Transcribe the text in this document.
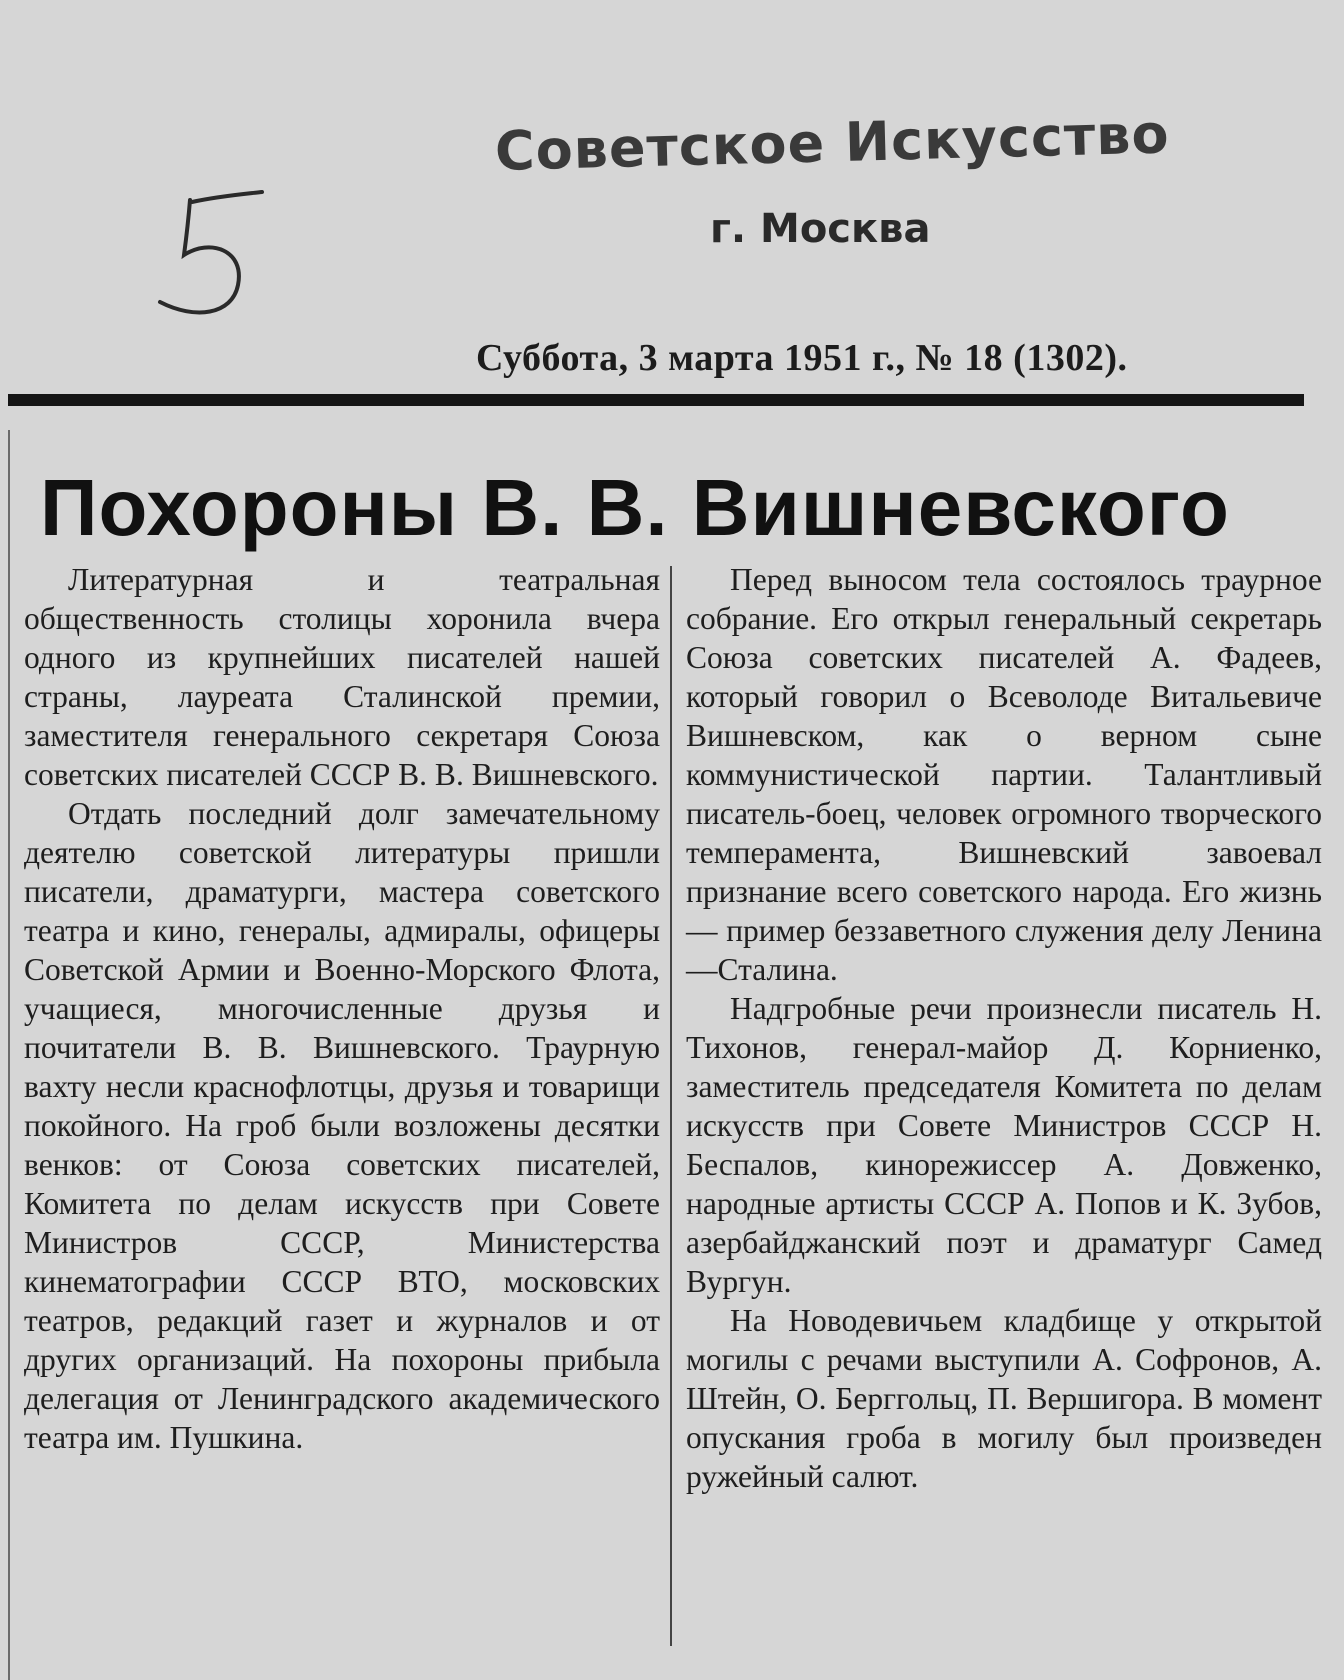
Советское Искусство
г. Москва
Суббота, 3 марта 1951 г., № 18 (1302).
Похороны В. В. Вишневского

Литературная и театральная общественность столицы хоронила вчера одного из крупнейших писателей нашей страны, лауреата Сталинской премии, заместителя генерального секретаря Союза советских писателей СССР В. В. Вишневского.

Отдать последний долг замечательному деятелю советской литературы пришли писатели, драматурги, мастера советского театра и кино, генералы, адмиралы, офицеры Советской Армии и Военно-Морского Флота, учащиеся, многочисленные друзья и почитатели В. В. Вишневского. Траурную вахту несли краснофлотцы, друзья и товарищи покойного. На гроб были возложены десятки венков: от Союза советских писателей, Комитета по делам искусств при Совете Министров СССР, Министерства кинематографии СССР ВТО, московских театров, редакций газет и журналов и от других организаций. На похороны прибыла делегация от Ленинградского академического театра им. Пушкина.

Перед выносом тела состоялось траурное собрание. Его открыл генеральный секретарь Союза советских писателей А. Фадеев, который говорил о Всеволоде Витальевиче Вишневском, как о верном сыне коммунистической партии. Талантливый писатель-боец, человек огромного творческого темперамента, Вишневский завоевал признание всего советского народа. Его жизнь — пример беззаветного служения делу Ленина—Сталина.

Надгробные речи произнесли писатель Н. Тихонов, генерал-майор Д. Корниенко, заместитель председателя Комитета по делам искусств при Совете Министров СССР Н. Беспалов, кинорежиссер А. Довженко, народные артисты СССР А. Попов и К. Зубов, азербайджанский поэт и драматург Самед Вургун.

На Новодевичьем кладбище у открытой могилы с речами выступили А. Софронов, А. Штейн, О. Берггольц, П. Вершигора. В момент опускания гроба в могилу был произведен ружейный салют.
